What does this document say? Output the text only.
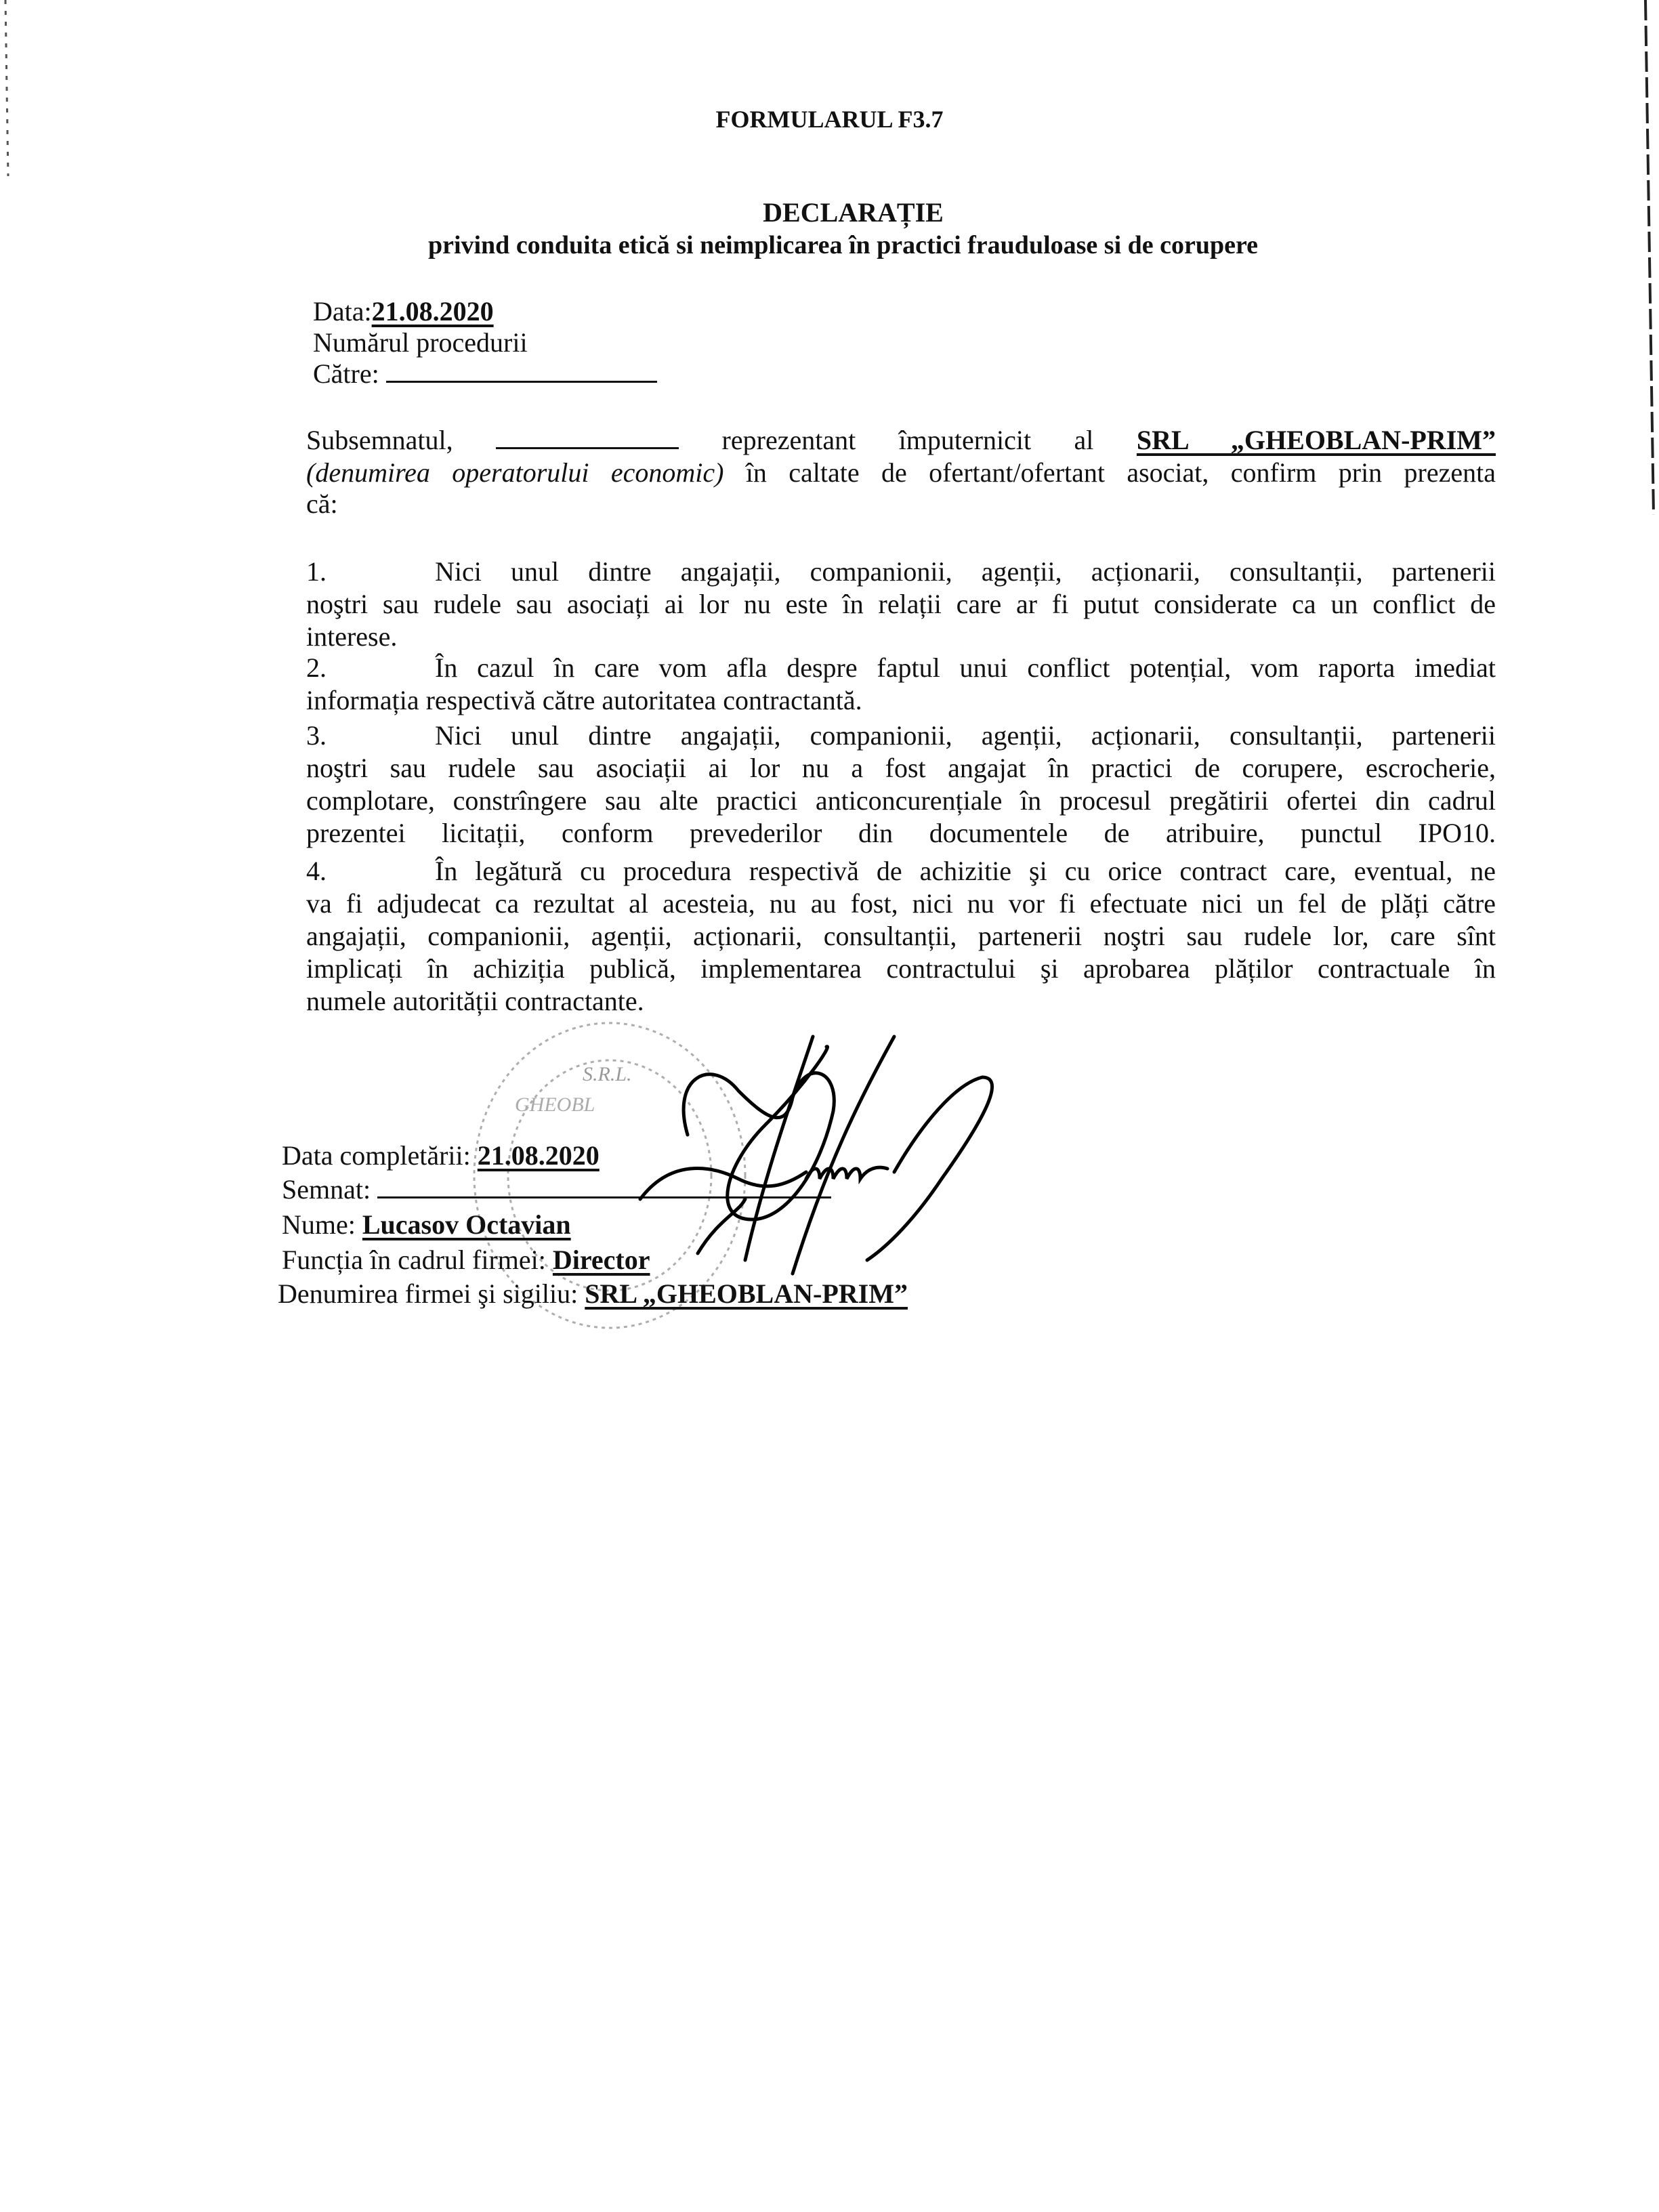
FORMULARUL F3.7
DECLARAȚIE
privind conduita etică si neimplicarea în practici frauduloase si de corupere
Data:21.08.2020
Numărul procedurii
Către:
Subsemnatul,	reprezentant împuternicit al SRL „GHEOBLAN-PRIM”
(denumirea operatorului economic) în caltate de ofertant/ofertant asociat, confirm prin prezenta
că:
1.	Nici unul dintre angajații, companionii, agenții, acționarii, consultanții, partenerii
noştri sau rudele sau asociați ai lor nu este în relații care ar fi putut considerate ca un conflict de
interese.
2.	În cazul în care vom afla despre faptul unui conflict potențial, vom raporta imediat
informația respectivă către autoritatea contractantă.
3.	Nici unul dintre angajații, companionii, agenții, acționarii, consultanții, partenerii
noştri sau rudele sau asociații ai lor nu a fost angajat în practici de corupere, escrocherie,
complotare, constrîngere sau alte practici anticoncurențiale în procesul pregătirii ofertei din cadrul
prezentei licitații, conform prevederilor din documentele de atribuire, punctul IPO10.
4.	În legătură cu procedura respectivă de achizitie şi cu orice contract care, eventual, ne
va fi adjudecat ca rezultat al acesteia, nu au fost, nici nu vor fi efectuate nici un fel de plăți către
angajații, companionii, agenții, acționarii, consultanții, partenerii noştri sau rudele lor, care sînt
implicați în achiziția publică, implementarea contractului şi aprobarea plăților contractuale în
numele autorității contractante.
S.R.L.
GHEOBL
Data completării: 21.08.2020
Semnat:
Nume: Lucasov Octavian
Funcția în cadrul firmei: Director
Denumirea firmei şi sigiliu: SRL „GHEOBLAN-PRIM”
